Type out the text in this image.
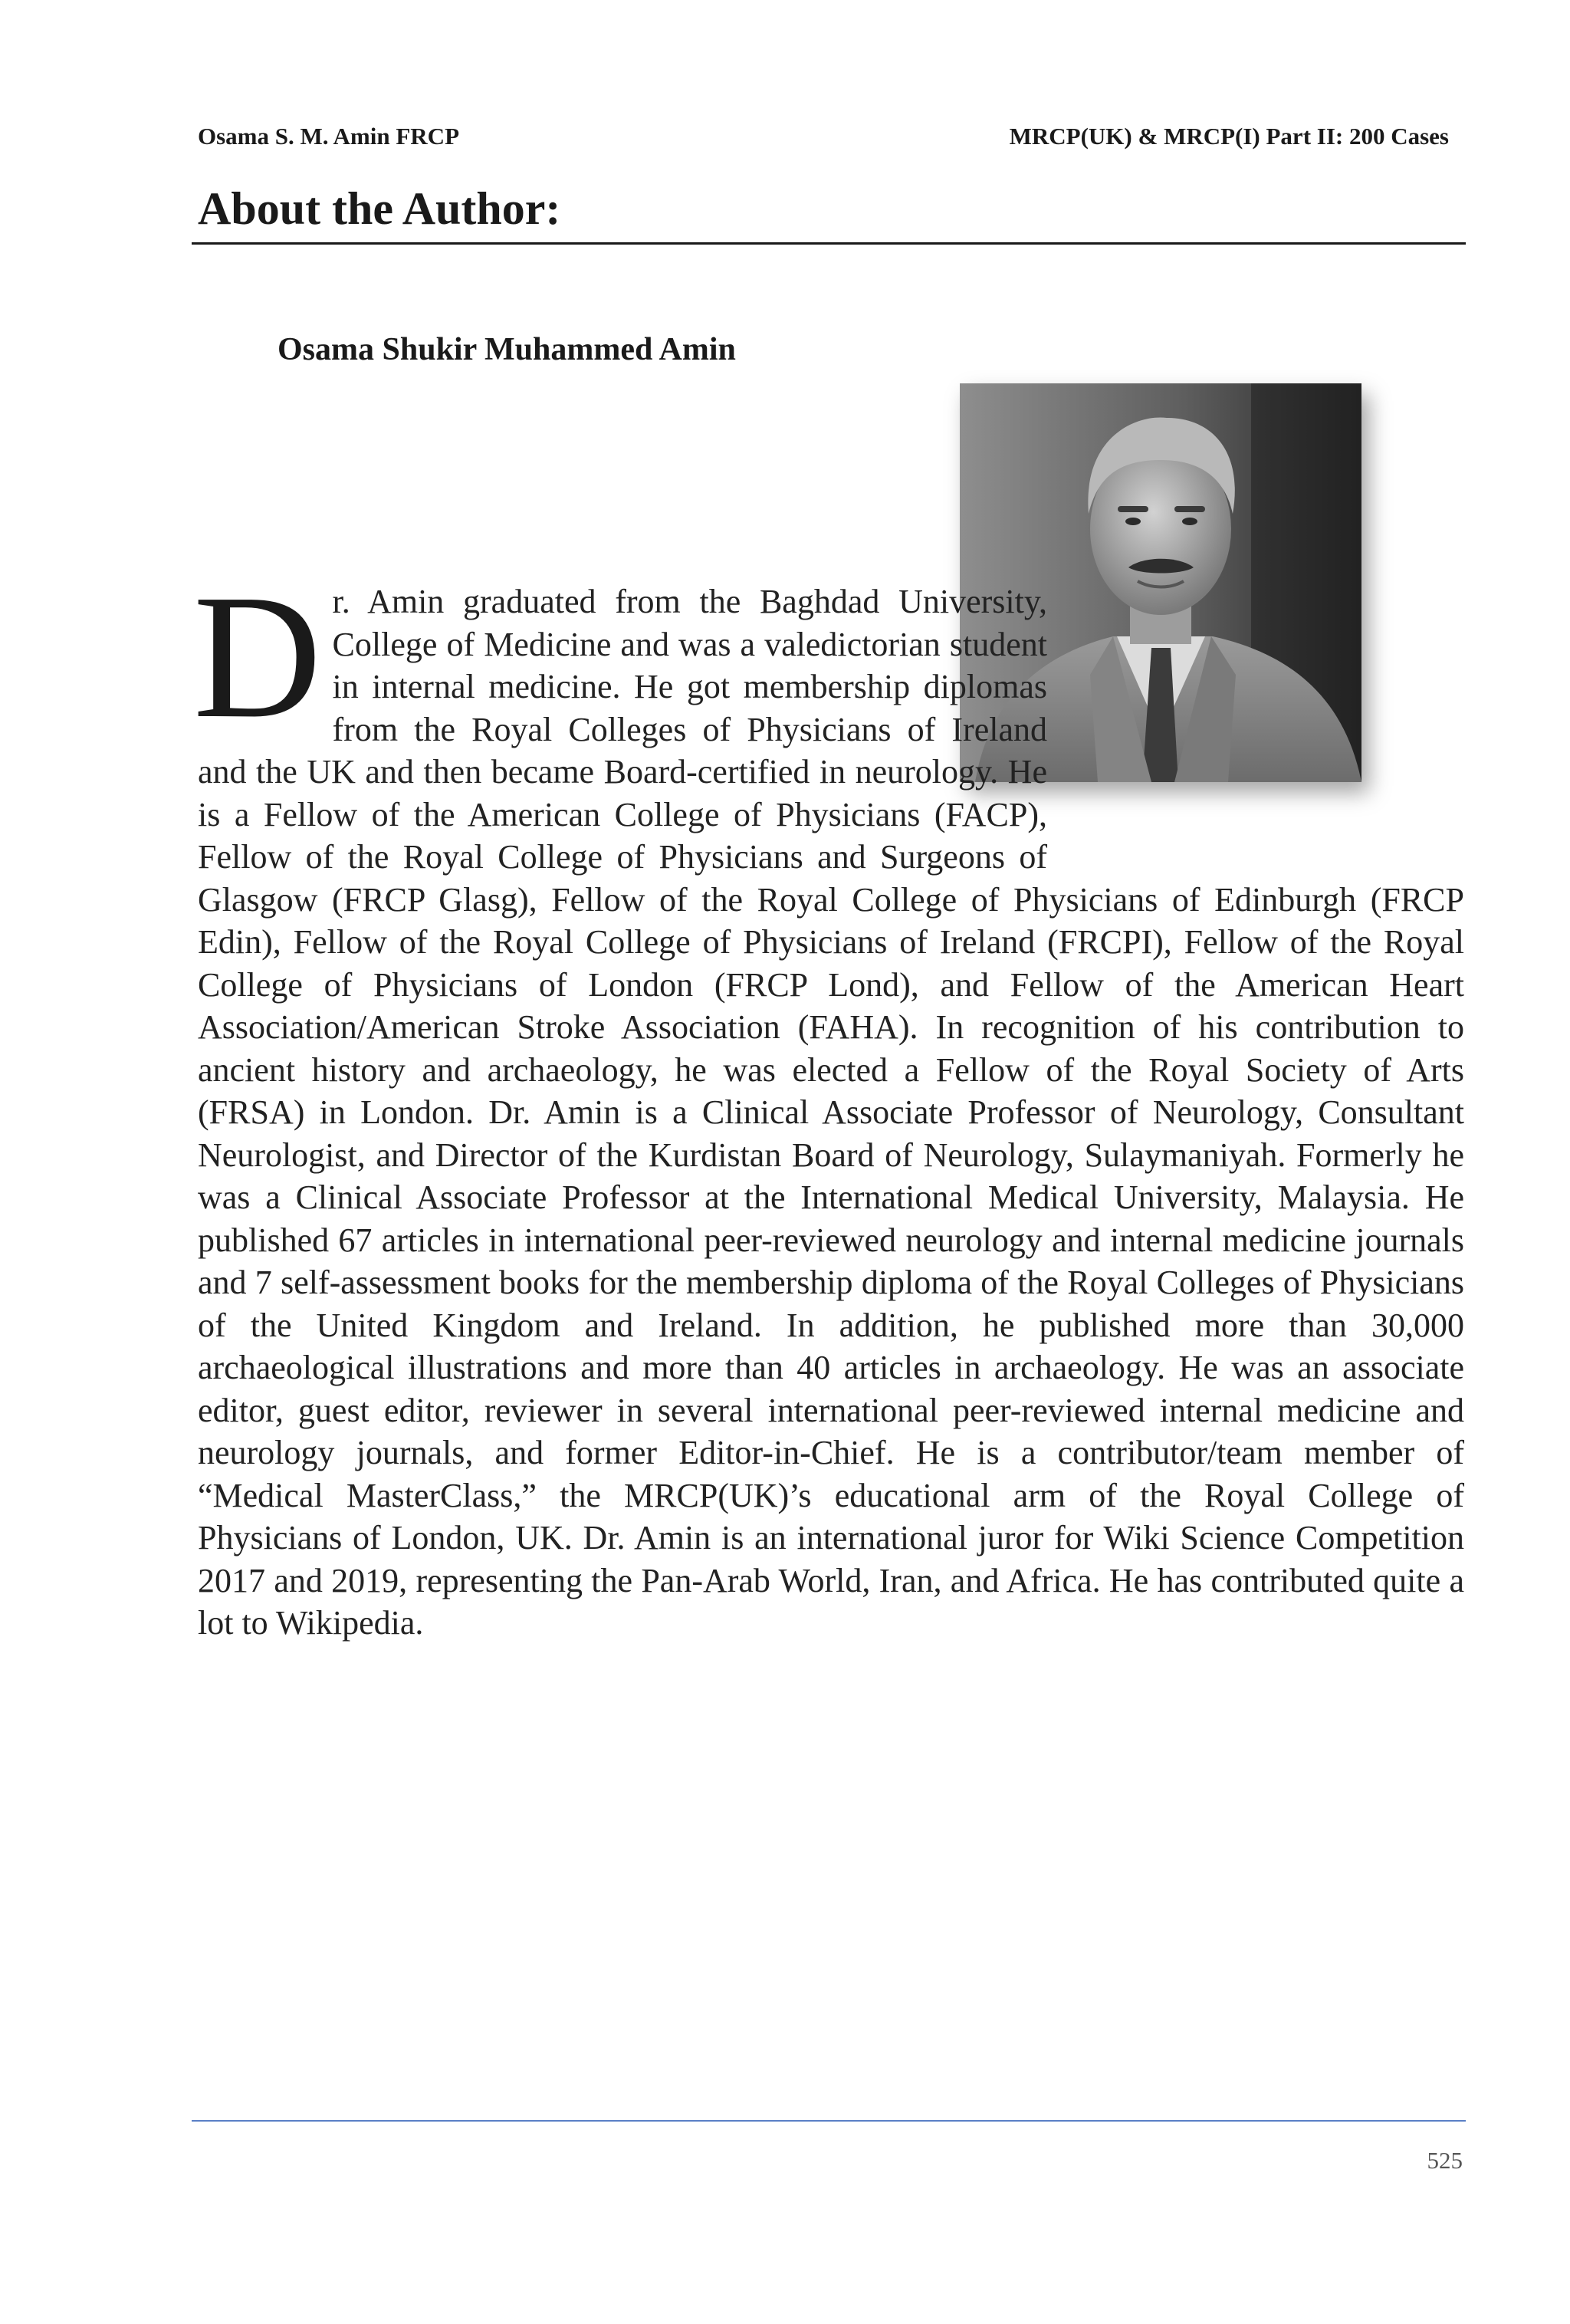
Osama S. M. Amin FRCP	MRCP(UK) & MRCP(I) Part II: 200 Cases
About the Author:
Osama Shukir Muhammed Amin
Dr. Amin graduated from the Baghdad University, College of Medicine and was a valedictorian student in internal medicine. He got membership diplomas from the Royal Colleges of Physicians of Ireland and the UK and then became Board-certified in neurology. He is a Fellow of the American College of Physicians (FACP), Fellow of the Royal College of Physicians and Surgeons of Glasgow (FRCP Glasg), Fellow of the Royal College of Physicians of Edinburgh (FRCP Edin), Fellow of the Royal College of Physicians of Ireland (FRCPI), Fellow of the Royal College of Physicians of London (FRCP Lond), and Fellow of the American Heart Association/American Stroke Association (FAHA). In recognition of his contribution to ancient history and archaeology, he was elected a Fellow of the Royal Society of Arts (FRSA) in London. Dr. Amin is a Clinical Associate Professor of Neurology, Consultant Neurologist, and Director of the Kurdistan Board of Neurology, Sulaymaniyah. Formerly he was a Clinical Associate Professor at the International Medical University, Malaysia. He published 67 articles in international peer-reviewed neurology and internal medicine journals and 7 self-assessment books for the membership diploma of the Royal Colleges of Physicians of the United Kingdom and Ireland. In addition, he published more than 30,000 archaeological illustrations and more than 40 articles in archaeology. He was an associate editor, guest editor, reviewer in several international peer-reviewed internal medicine and neurology journals, and former Editor-in-Chief. He is a contributor/team member of “Medical MasterClass,” the MRCP(UK)’s educational arm of the Royal College of Physicians of London, UK. Dr. Amin is an international juror for Wiki Science Competition 2017 and 2019, representing the Pan-Arab World, Iran, and Africa. He has contributed quite a lot to Wikipedia.
525
